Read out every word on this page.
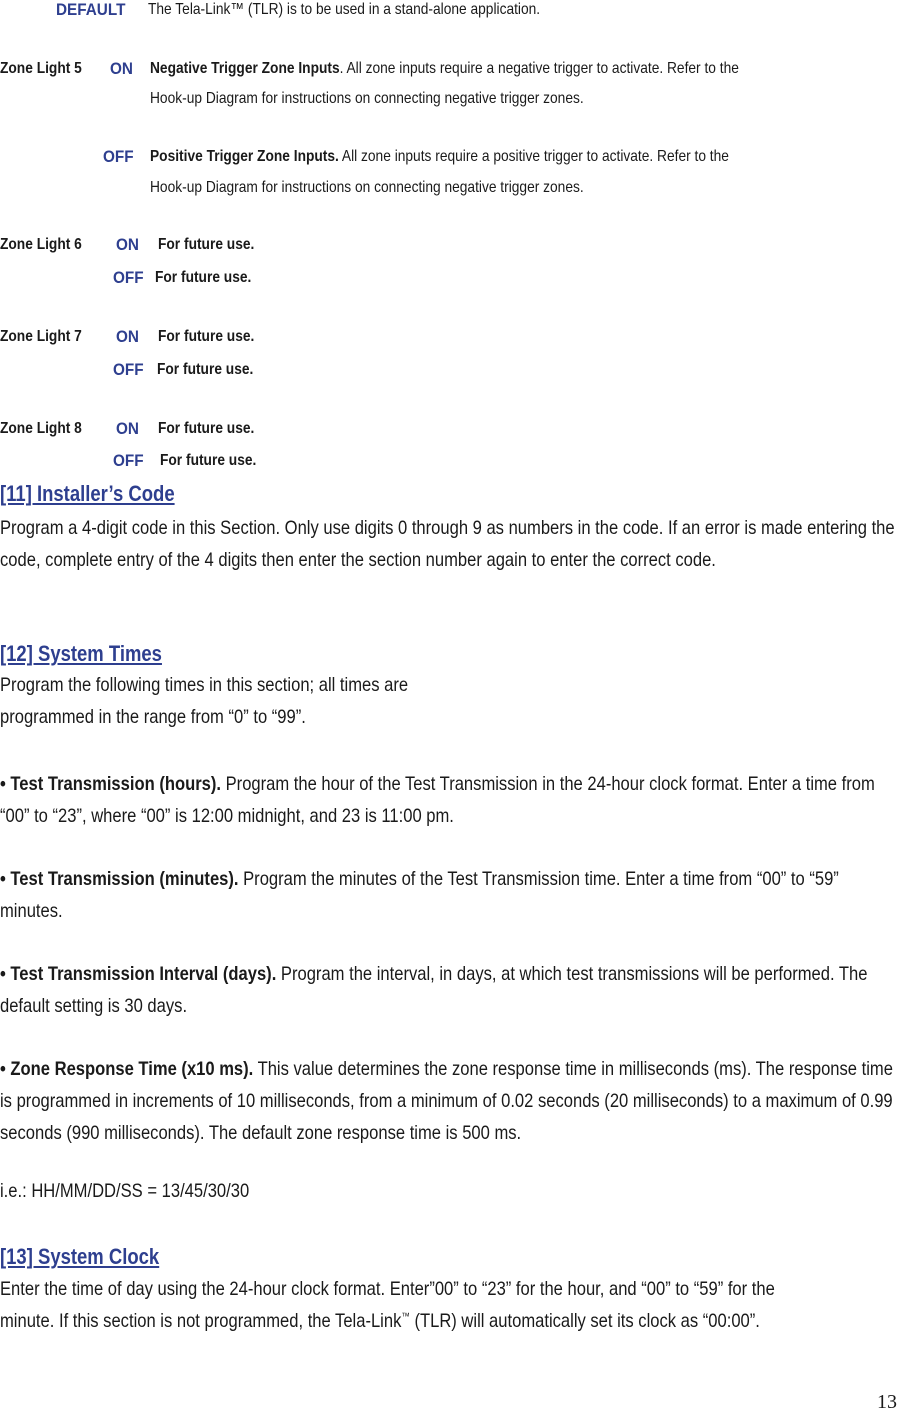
DEFAULT The Tela-Link™ (TLR) is to be used in a stand-alone application.
Zone Light 5 ON Negative Trigger Zone Inputs. All zone inputs require a negative trigger to activate. Refer to the
Hook-up Diagram for instructions on connecting negative trigger zones.
OFF Positive Trigger Zone Inputs. All zone inputs require a positive trigger to activate. Refer to the
Hook-up Diagram for instructions on connecting negative trigger zones.
Zone Light 6 ON For future use.
OFF For future use.
Zone Light 7 ON For future use.
OFF For future use.
Zone Light 8 ON For future use.
OFF For future use.
[11] Installer’s Code
Program a 4-digit code in this Section. Only use digits 0 through 9 as numbers in the code. If an error is made entering the code, complete entry of the 4 digits then enter the section number again to enter the correct code.
[12] System Times
Program the following times in this section; all times are
programmed in the range from “0” to “99”.
• Test Transmission (hours). Program the hour of the Test Transmission in the 24-hour clock format. Enter a time from “00” to “23”, where “00” is 12:00 midnight, and 23 is 11:00 pm.
• Test Transmission (minutes). Program the minutes of the Test Transmission time. Enter a time from “00” to “59” minutes.
• Test Transmission Interval (days). Program the interval, in days, at which test transmissions will be performed. The default setting is 30 days.
• Zone Response Time (x10 ms). This value determines the zone response time in milliseconds (ms). The response time is programmed in increments of 10 milliseconds, from a minimum of 0.02 seconds (20 milliseconds) to a maximum of 0.99 seconds (990 milliseconds). The default zone response time is 500 ms.
i.e.: HH/MM/DD/SS = 13/45/30/30
[13] System Clock
Enter the time of day using the 24-hour clock format. Enter”00” to “23” for the hour, and “00” to “59” for the
minute. If this section is not programmed, the Tela-Link™ (TLR) will automatically set its clock as “00:00”.
13
